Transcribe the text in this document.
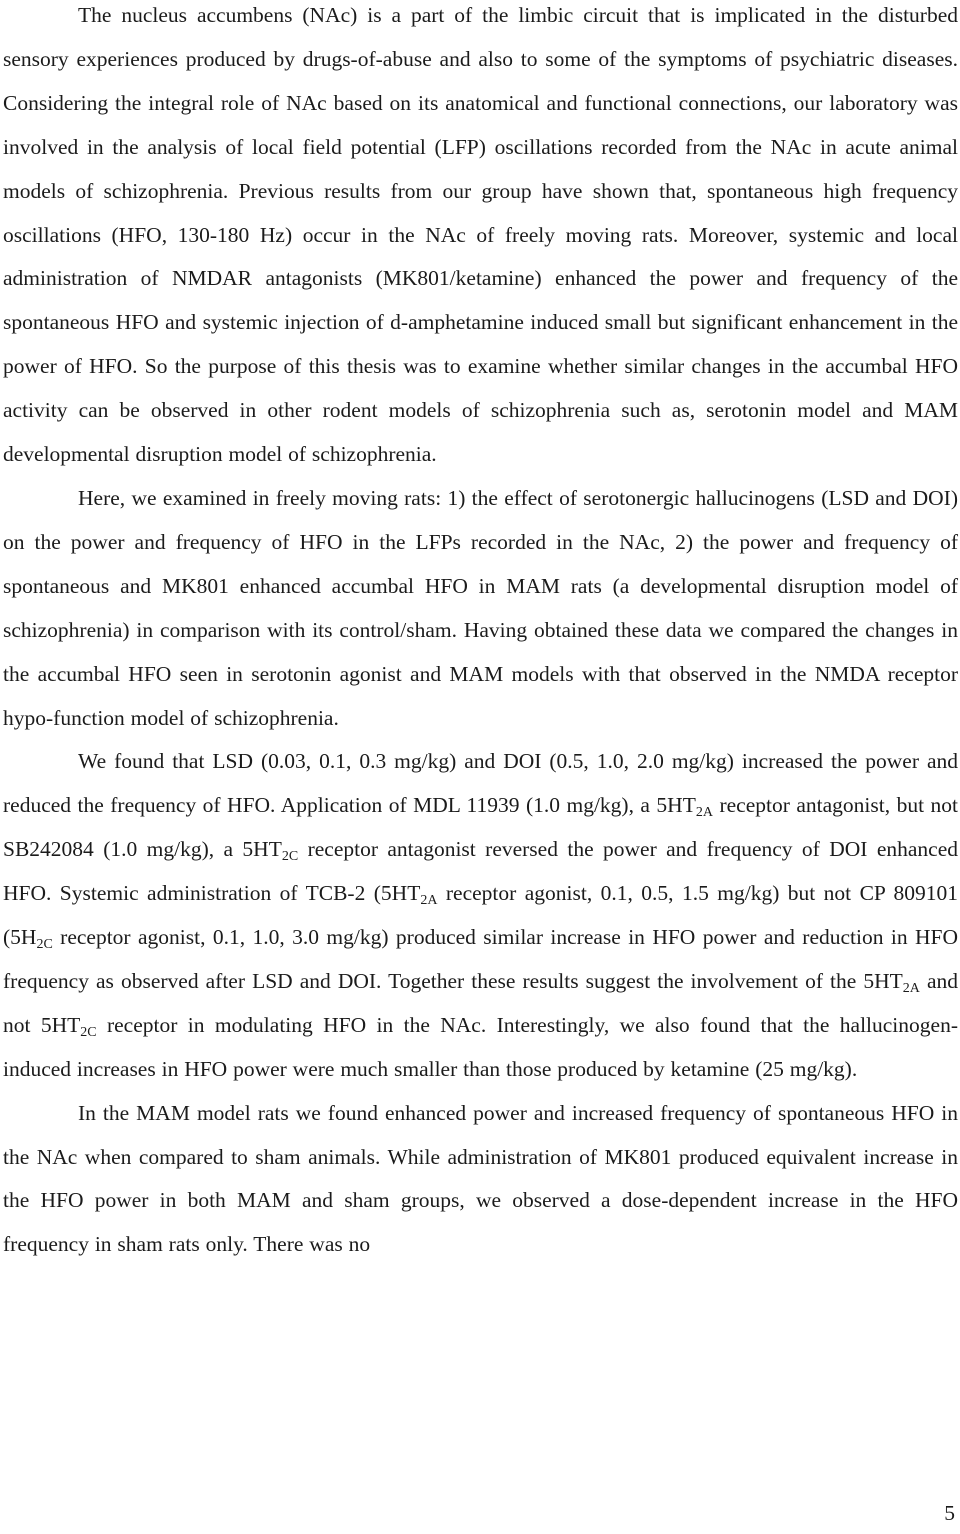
The nucleus accumbens (NAc) is a part of the limbic circuit that is implicated in the disturbed sensory experiences produced by drugs-of-abuse and also to some of the symptoms of psychiatric diseases. Considering the integral role of NAc based on its anatomical and functional connections, our laboratory was involved in the analysis of local field potential (LFP) oscillations recorded from the NAc in acute animal models of schizophrenia. Previous results from our group have shown that, spontaneous high frequency oscillations (HFO, 130-180 Hz) occur in the NAc of freely moving rats. Moreover, systemic and local administration of NMDAR antagonists (MK801/ketamine) enhanced the power and frequency of the spontaneous HFO and systemic injection of d-amphetamine induced small but significant enhancement in the power of HFO. So the purpose of this thesis was to examine whether similar changes in the accumbal HFO activity can be observed in other rodent models of schizophrenia such as, serotonin model and MAM developmental disruption model of schizophrenia.

Here, we examined in freely moving rats: 1) the effect of serotonergic hallucinogens (LSD and DOI) on the power and frequency of HFO in the LFPs recorded in the NAc, 2) the power and frequency of spontaneous and MK801 enhanced accumbal HFO in MAM rats (a developmental disruption model of schizophrenia) in comparison with its control/sham. Having obtained these data we compared the changes in the accumbal HFO seen in serotonin agonist and MAM models with that observed in the NMDA receptor hypo-function model of schizophrenia.

We found that LSD (0.03, 0.1, 0.3 mg/kg) and DOI (0.5, 1.0, 2.0 mg/kg) increased the power and reduced the frequency of HFO. Application of MDL 11939 (1.0 mg/kg), a $5HT_{2A}$ receptor antagonist, but not SB242084 (1.0 mg/kg), a $5HT_{2C}$ receptor antagonist reversed the power and frequency of DOI enhanced HFO. Systemic administration of TCB-2 ($5HT_{2A}$ receptor agonist, 0.1, 0.5, 1.5 mg/kg) but not CP 809101 ($5H_{2C}$ receptor agonist, 0.1, 1.0, 3.0 mg/kg) produced similar increase in HFO power and reduction in HFO frequency as observed after LSD and DOI. Together these results suggest the involvement of the $5HT_{2A}$ and not $5HT_{2C}$ receptor in modulating HFO in the NAc. Interestingly, we also found that the hallucinogen-induced increases in HFO power were much smaller than those produced by ketamine (25 mg/kg).

In the MAM model rats we found enhanced power and increased frequency of spontaneous HFO in the NAc when compared to sham animals. While administration of MK801 produced equivalent increase in the HFO power in both MAM and sham groups, we observed a dose-dependent increase in the HFO frequency in sham rats only. There was no

5
